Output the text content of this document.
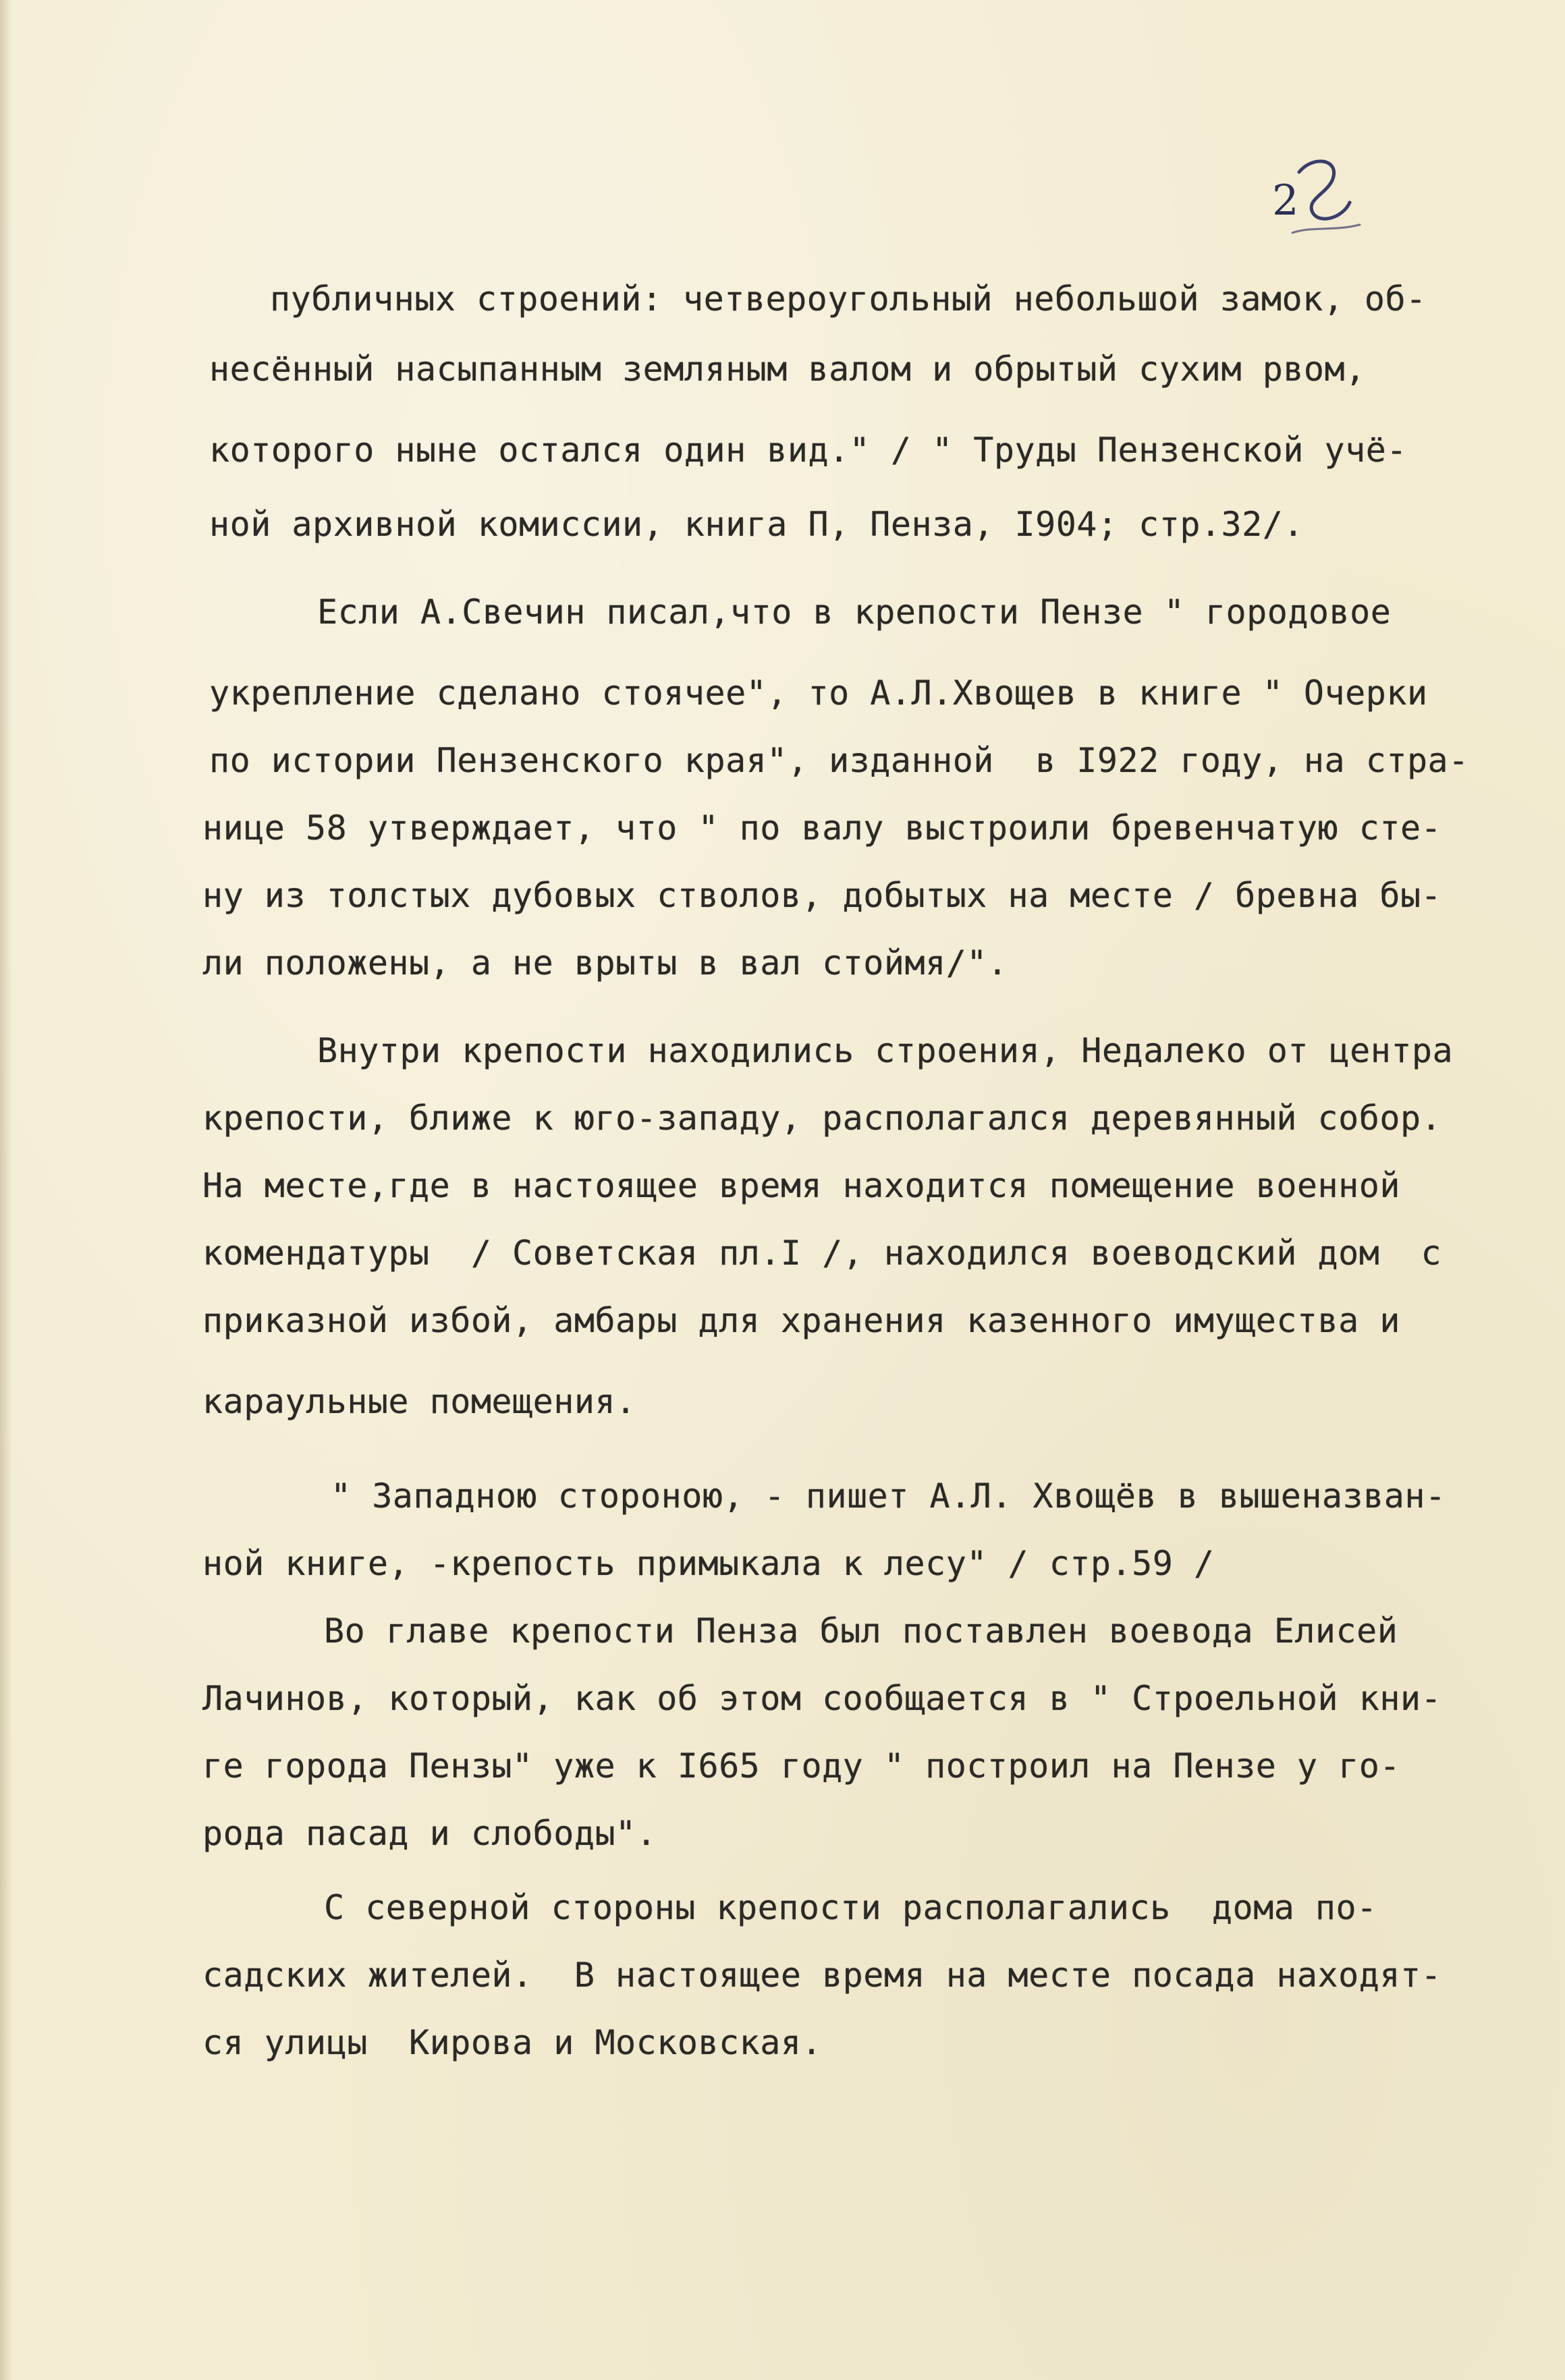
2
публичных строений: четвероугольный небольшой замок, об-
несённый насыпанным земляным валом и обрытый сухим рвом,
которого ныне остался один вид." / " Труды Пензенской учё-
ной архивной комиссии, книга П, Пенза, I904; стр.32/.
Если А.Свечин писал,что в крепости Пензе " городовое
укрепление сделано стоячее", то А.Л.Хвощев в книге " Очерки
по истории Пензенского края", изданной  в I922 году, на стра-
нице 58 утверждает, что " по валу выстроили бревенчатую сте-
ну из толстых дубовых стволов, добытых на месте / бревна бы-
ли положены, а не врыты в вал стоймя/".
Внутри крепости находились строения, Недалеко от центра
крепости, ближе к юго-западу, располагался деревянный собор.
На месте,где в настоящее время находится помещение военной
комендатуры  / Советская пл.I /, находился воеводский дом  с
приказной избой, амбары для хранения казенного имущества и
караульные помещения.
" Западною стороною, - пишет А.Л. Хвощёв в вышеназван-
ной книге, -крепость примыкала к лесу" / стр.59 /
Во главе крепости Пенза был поставлен воевода Елисей
Лачинов, который, как об этом сообщается в " Строельной кни-
ге города Пензы" уже к I665 году " построил на Пензе у го-
рода пасад и слободы".
С северной стороны крепости располагались  дома по-
садских жителей.  В настоящее время на месте посада находят-
ся улицы  Кирова и Московская.
